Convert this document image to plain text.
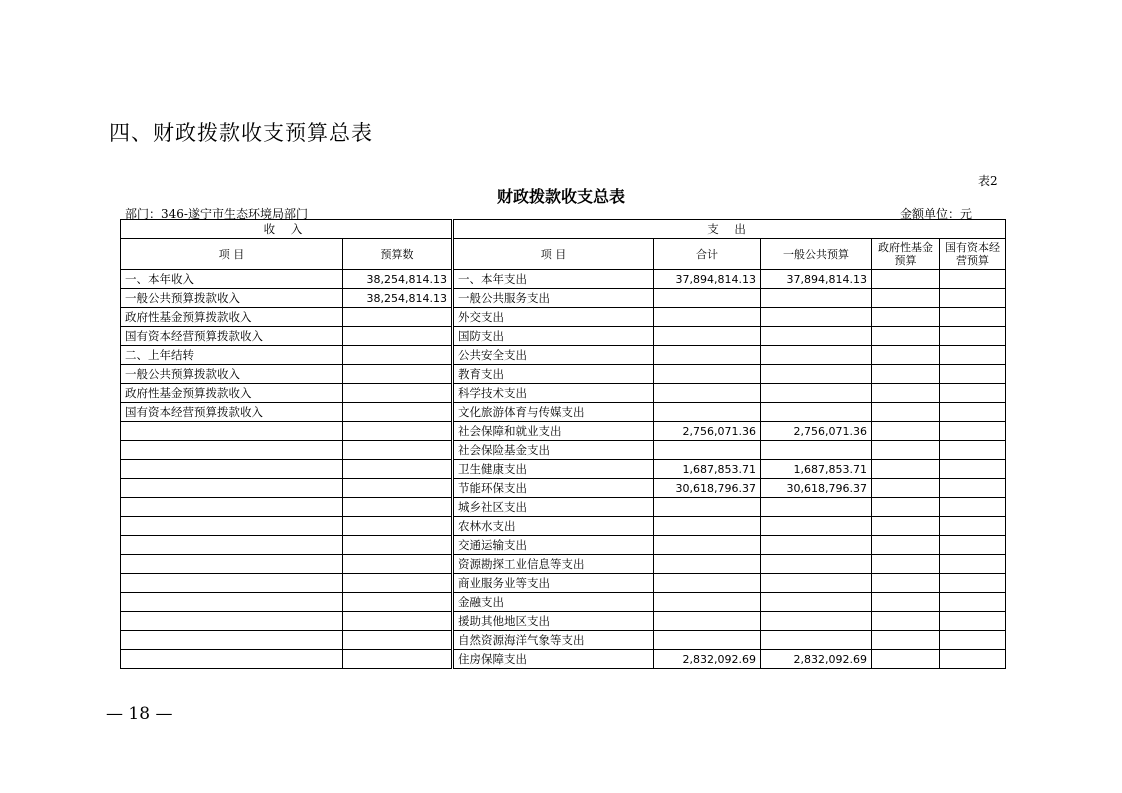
四、财政拨款收支预算总表
表2
财政拨款收支总表
部门：346-遂宁市生态环境局部门	金额单位：元
收 入		支 出				
项 目	预算数	项 目	合计	一般公共预算	政府性基金预算	国有资本经营预算
一、本年收入	38,254,814.13	一、本年支出	37,894,814.13	37,894,814.13		
一般公共预算拨款收入	38,254,814.13	一般公共服务支出				
政府性基金预算拨款收入		外交支出				
国有资本经营预算拨款收入		国防支出				
二、上年结转		公共安全支出				
一般公共预算拨款收入		教育支出				
政府性基金预算拨款收入		科学技术支出				
国有资本经营预算拨款收入		文化旅游体育与传媒支出				
		社会保障和就业支出	2,756,071.36	2,756,071.36		
		社会保险基金支出				
		卫生健康支出	1,687,853.71	1,687,853.71		
		节能环保支出	30,618,796.37	30,618,796.37		
		城乡社区支出				
		农林水支出				
		交通运输支出				
		资源勘探工业信息等支出				
		商业服务业等支出				
		金融支出				
		援助其他地区支出				
		自然资源海洋气象等支出				
		住房保障支出	2,832,092.69	2,832,092.69		
— 18 —
